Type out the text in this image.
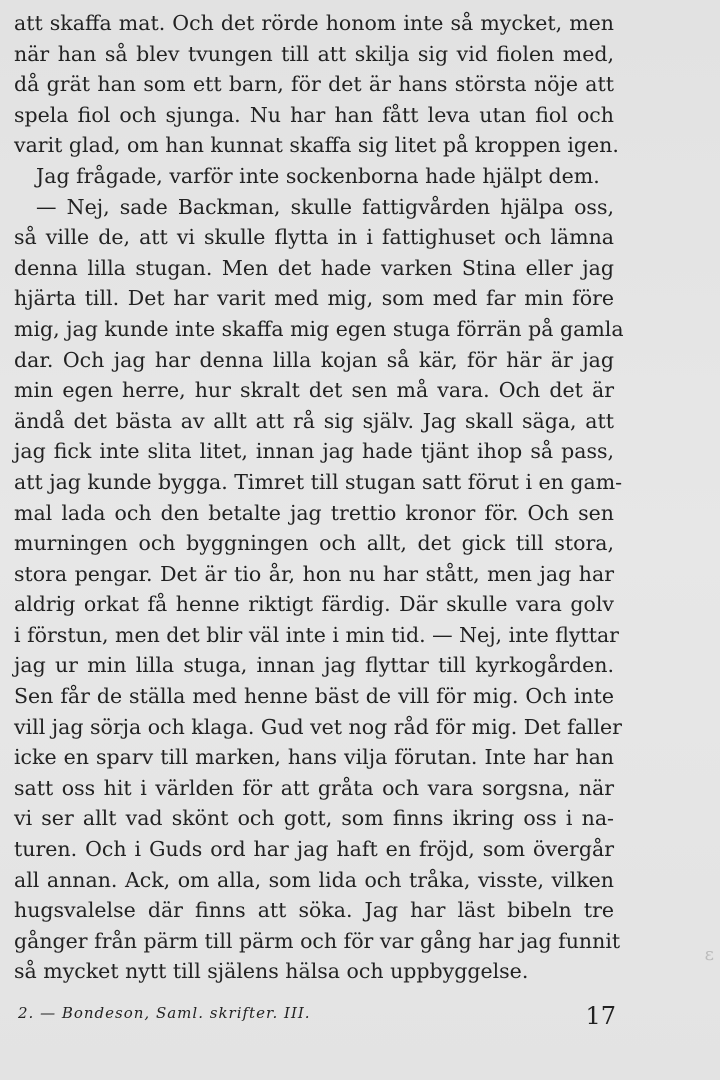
att skaffa mat. Och det rörde honom inte så mycket, men
när han så blev tvungen till att skilja sig vid fiolen med,
då grät han som ett barn, för det är hans största nöje att
spela fiol och sjunga. Nu har han fått leva utan fiol och
varit glad, om han kunnat skaffa sig litet på kroppen igen.
Jag frågade, varför inte sockenborna hade hjälpt dem.
— Nej, sade Backman, skulle fattigvården hjälpa oss,
så ville de, att vi skulle flytta in i fattighuset och lämna
denna lilla stugan. Men det hade varken Stina eller jag
hjärta till. Det har varit med mig, som med far min före
mig, jag kunde inte skaffa mig egen stuga förrän på gamla
dar. Och jag har denna lilla kojan så kär, för här är jag
min egen herre, hur skralt det sen må vara. Och det är
ändå det bästa av allt att rå sig själv. Jag skall säga, att
jag fick inte slita litet, innan jag hade tjänt ihop så pass,
att jag kunde bygga. Timret till stugan satt förut i en gam-
mal lada och den betalte jag trettio kronor för. Och sen
murningen och byggningen och allt, det gick till stora,
stora pengar. Det är tio år, hon nu har stått, men jag har
aldrig orkat få henne riktigt färdig. Där skulle vara golv
i förstun, men det blir väl inte i min tid. — Nej, inte flyttar
jag ur min lilla stuga, innan jag flyttar till kyrkogården.
Sen får de ställa med henne bäst de vill för mig. Och inte
vill jag sörja och klaga. Gud vet nog råd för mig. Det faller
icke en sparv till marken, hans vilja förutan. Inte har han
satt oss hit i världen för att gråta och vara sorgsna, när
vi ser allt vad skönt och gott, som finns ikring oss i na-
turen. Och i Guds ord har jag haft en fröjd, som övergår
all annan. Ack, om alla, som lida och tråka, visste, vilken
hugsvalelse där finns att söka. Jag har läst bibeln tre
gånger från pärm till pärm och för var gång har jag funnit
så mycket nytt till själens hälsa och uppbyggelse.
ɛ
2. — Bondeson, Saml. skrifter. III.	17
